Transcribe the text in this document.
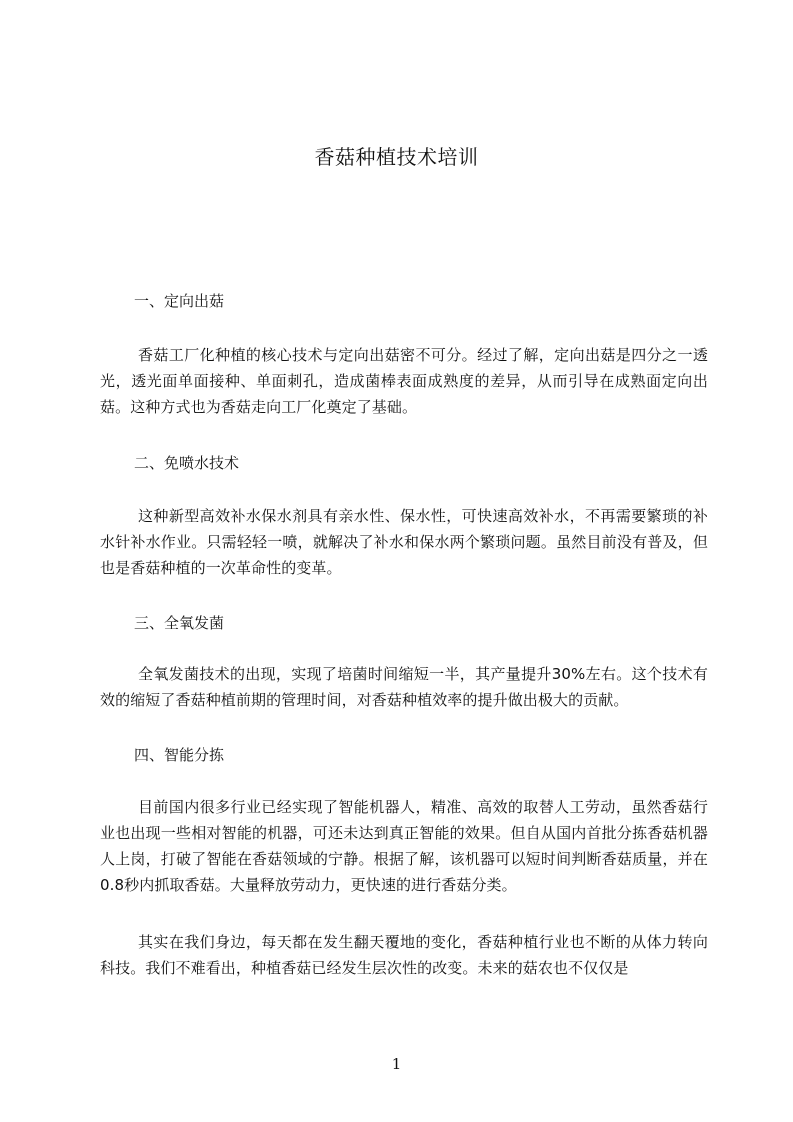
香菇种植技术培训
一、定向出菇

香菇工厂化种植的核心技术与定向出菇密不可分。经过了解，定向出菇是四分之一透光，透光面单面接种、单面刺孔，造成菌棒表面成熟度的差异，从而引导在成熟面定向出菇。这种方式也为香菇走向工厂化奠定了基础。

二、免喷水技术

这种新型高效补水保水剂具有亲水性、保水性，可快速高效补水，不再需要繁琐的补水针补水作业。只需轻轻一喷，就解决了补水和保水两个繁琐问题。虽然目前没有普及，但也是香菇种植的一次革命性的变革。

三、全氧发菌

全氧发菌技术的出现，实现了培菌时间缩短一半，其产量提升30%左右。这个技术有效的缩短了香菇种植前期的管理时间，对香菇种植效率的提升做出极大的贡献。

四、智能分拣

目前国内很多行业已经实现了智能机器人，精准、高效的取替人工劳动，虽然香菇行业也出现一些相对智能的机器，可还未达到真正智能的效果。但自从国内首批分拣香菇机器人上岗，打破了智能在香菇领域的宁静。根据了解，该机器可以短时间判断香菇质量，并在0.8秒内抓取香菇。大量释放劳动力，更快速的进行香菇分类。

其实在我们身边，每天都在发生翻天覆地的变化，香菇种植行业也不断的从体力转向科技。我们不难看出，种植香菇已经发生层次性的改变。未来的菇农也不仅仅是

1
